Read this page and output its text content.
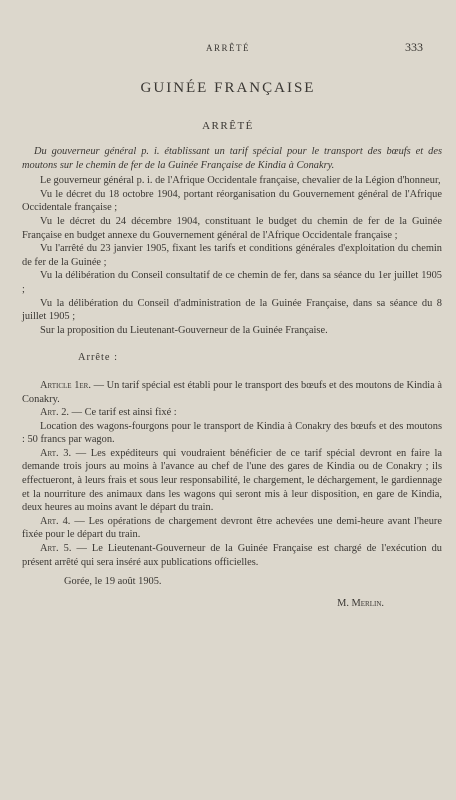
ARRÊTÉ	333
GUINÉE FRANÇAISE
ARRÊTÉ

Du gouverneur général p. i. établissant un tarif spécial pour le transport des bœufs et des moutons sur le chemin de fer de la Guinée Française de Kindia à Conakry.

Le gouverneur général p. i. de l'Afrique Occidentale française, chevalier de la Légion d'honneur,

Vu le décret du 18 octobre 1904, portant réorganisation du Gouvernement général de l'Afrique Occidentale française ;

Vu le décret du 24 décembre 1904, constituant le budget du chemin de fer de la Guinée Française en budget annexe du Gouvernement général de l'Afrique Occidentale française ;

Vu l'arrêté du 23 janvier 1905, fixant les tarifs et conditions générales d'exploitation du chemin de fer de la Guinée ;

Vu la délibération du Conseil consultatif de ce chemin de fer, dans sa séance du 1er juillet 1905 ;

Vu la délibération du Conseil d'administration de la Guinée Française, dans sa séance du 8 juillet 1905 ;

Sur la proposition du Lieutenant-Gouverneur de la Guinée Française.

Arrête :

Article 1er. — Un tarif spécial est établi pour le transport des bœufs et des moutons de Kindia à Conakry.

Art. 2. — Ce tarif est ainsi fixé :

Location des wagons-fourgons pour le transport de Kindia à Conakry des bœufs et des moutons : 50 francs par wagon.

Art. 3. — Les expéditeurs qui voudraient bénéficier de ce tarif spécial devront en faire la demande trois jours au moins à l'avance au chef de l'une des gares de Kindia ou de Conakry ; ils effectueront, à leurs frais et sous leur responsabilité, le chargement, le déchargement, le gardiennage et la nourriture des animaux dans les wagons qui seront mis à leur disposition, en gare de Kindia, deux heures au moins avant le départ du train.

Art. 4. — Les opérations de chargement devront être achevées une demi-heure avant l'heure fixée pour le départ du train.

Art. 5. — Le Lieutenant-Gouverneur de la Guinée Française est chargé de l'exécution du présent arrêté qui sera inséré aux publications officielles.

Gorée, le 19 août 1905.

M. Merlin.
